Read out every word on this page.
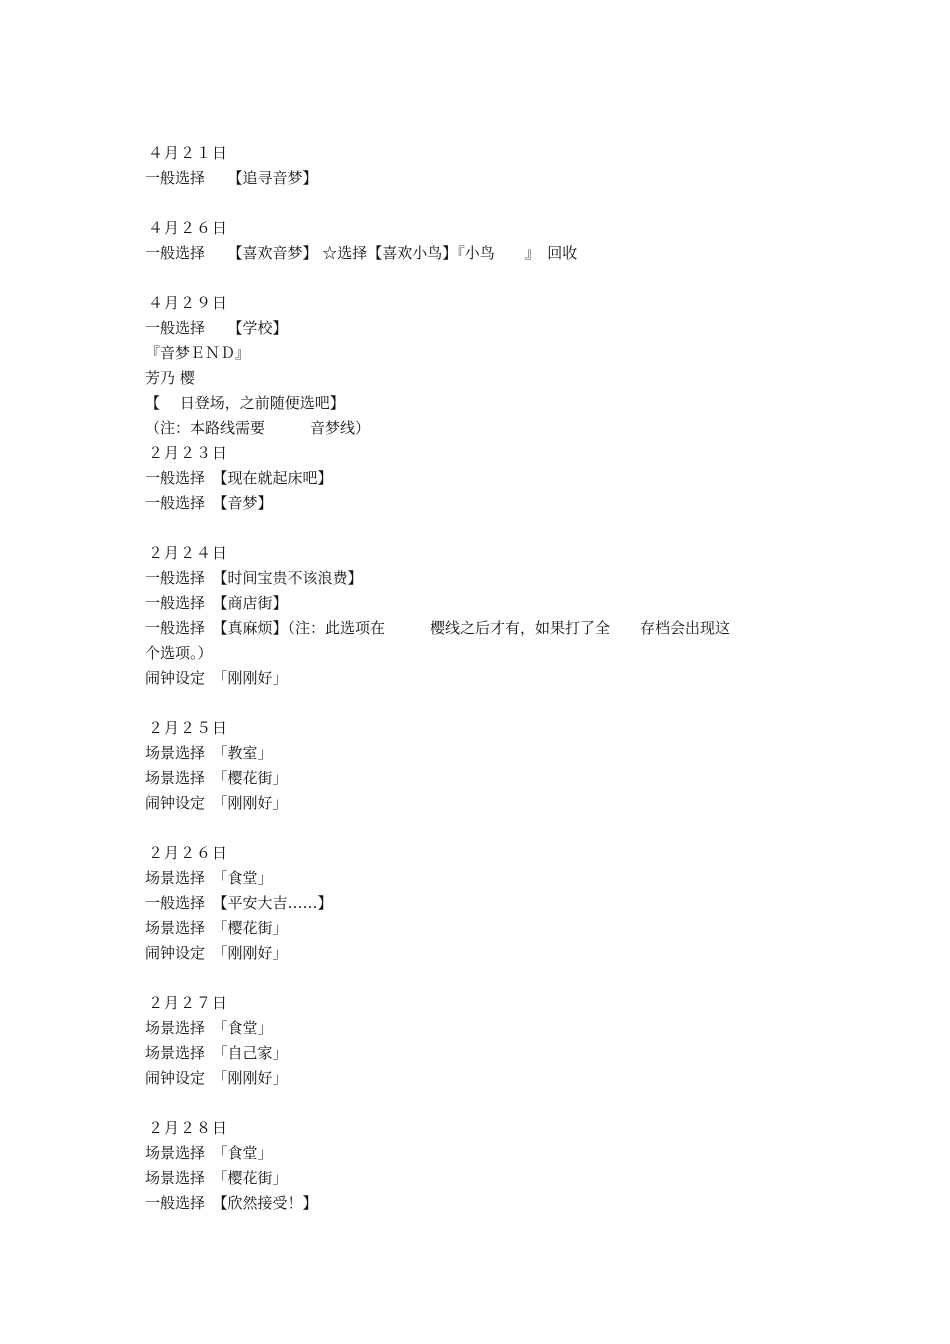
４月２１日
一般选择　　【追寻音梦】
４月２６日
一般选择　　【喜欢音梦】 ☆选择【喜欢小鸟】『小鸟　　』　回收
４月２９日
一般选择　　【学校】
『音梦ＥＮＤ』
芳乃 樱
【　 日登场，之前随便选吧】
（注：本路线需要　　　音梦线）
２月２３日
一般选择　【现在就起床吧】
一般选择　【音梦】
２月２４日
一般选择　【时间宝贵不该浪费】
一般选择　【商店街】
一般选择　【真麻烦】（注：此选项在　　　樱线之后才有，如果打了全　　存档会出现这
个选项。）
闹钟设定　「刚刚好」
２月２５日
场景选择　「教室」
场景选择　「樱花街」
闹钟设定　「刚刚好」
２月２６日
场景选择　「食堂」
一般选择　【平安大吉……】
场景选择　「樱花街」
闹钟设定　「刚刚好」
２月２７日
场景选择　「食堂」
场景选择　「自己家」
闹钟设定　「刚刚好」
２月２８日
场景选择　「食堂」
场景选择　「樱花街」
一般选择　【欣然接受！】
